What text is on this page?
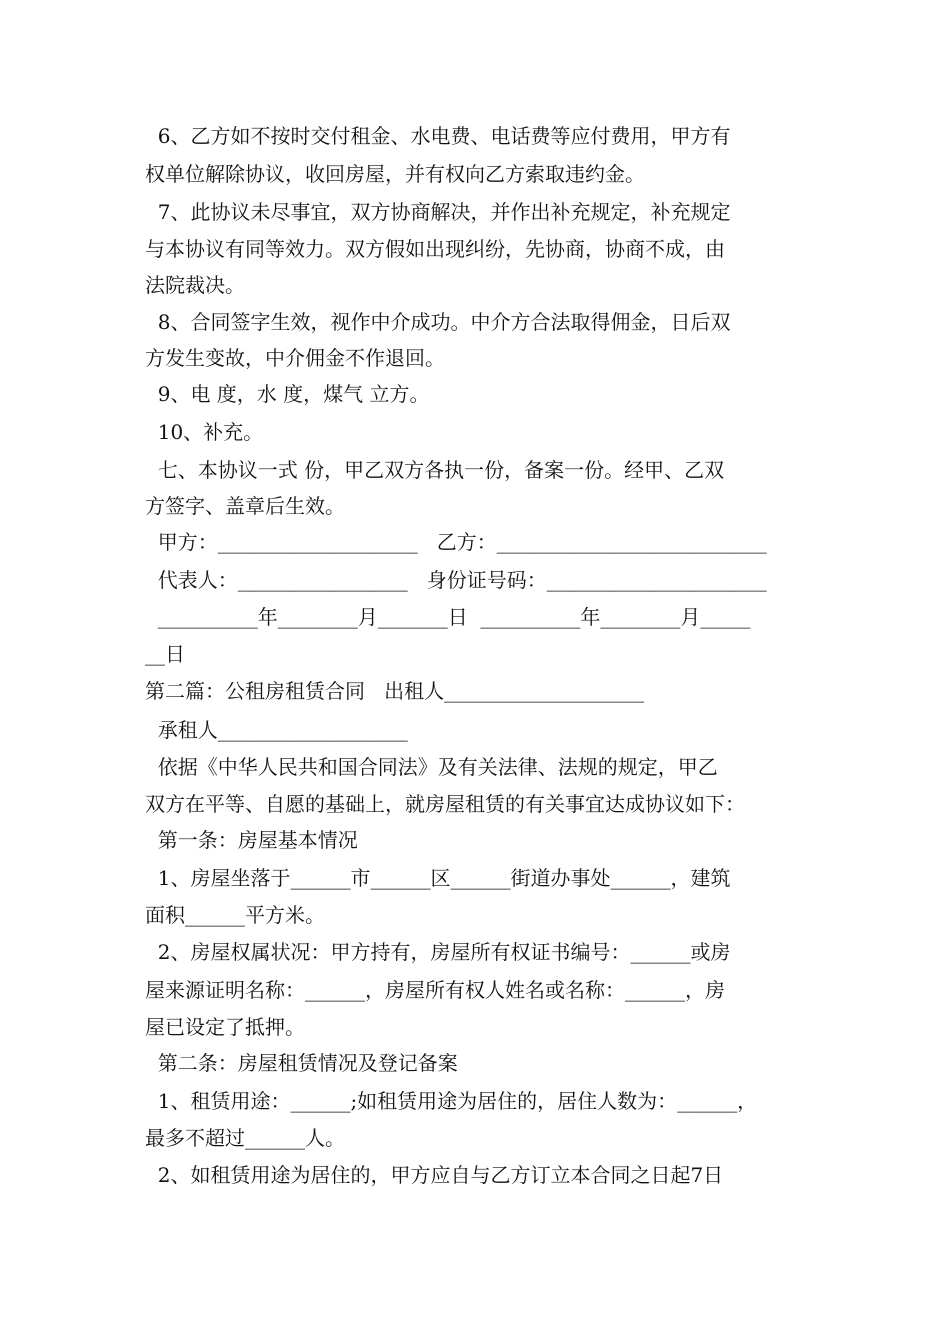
6、乙方如不按时交付租金、水电费、电话费等应付费用，甲方有
权单位解除协议，收回房屋，并有权向乙方索取违约金。
7、此协议未尽事宜，双方协商解决，并作出补充规定，补充规定
与本协议有同等效力。双方假如出现纠纷，先协商，协商不成，由
法院裁决。
8、合同签字生效，视作中介成功。中介方合法取得佣金，日后双
方发生变故，中介佣金不作退回。
9、电 度，水 度，煤气 立方。
10、补充。
七、本协议一式 份，甲乙双方各执一份，备案一份。经甲、乙双
方签字、盖章后生效。
甲方：____________________   乙方：___________________________
代表人：_________________   身份证号码：______________________
__________年________月_______日  __________年________月_____
__日
第二篇：公租房租赁合同   出租人____________________
承租人___________________
依据《中华人民共和国合同法》及有关法律、法规的规定，甲乙
双方在平等、自愿的基础上，就房屋租赁的有关事宜达成协议如下：
第一条：房屋基本情况
1、房屋坐落于______市______区______街道办事处______，建筑
面积______平方米。
2、房屋权属状况：甲方持有，房屋所有权证书编号：______或房
屋来源证明名称：______，房屋所有权人姓名或名称：______，房
屋已设定了抵押。
第二条：房屋租赁情况及登记备案
1、租赁用途：______;如租赁用途为居住的，居住人数为：______，
最多不超过______人。
2、如租赁用途为居住的，甲方应自与乙方订立本合同之日起7日
